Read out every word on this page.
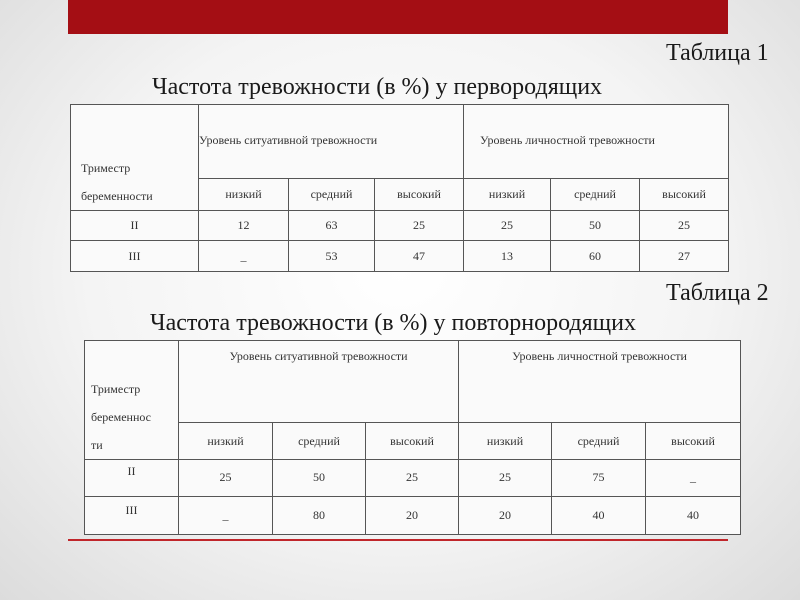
Таблица 1
Частота тревожности (в %) у первородящих
Триместр
беременности	Уровень ситуативной тревожности			Уровень личностной тревожности		
	низкий	средний	высокий	низкий	средний	высокий
II	12	63	25	25	50	25
III	_	53	47	13	60	27
Таблица 2
Частота тревожности (в %) у повторнородящих
Триместр
беременнос
ти	Уровень ситуативной тревожности			Уровень личностной тревожности		
	низкий	средний	высокий	низкий	средний	высокий
II	25	50	25	25	75	_
III	_	80	20	20	40	40
